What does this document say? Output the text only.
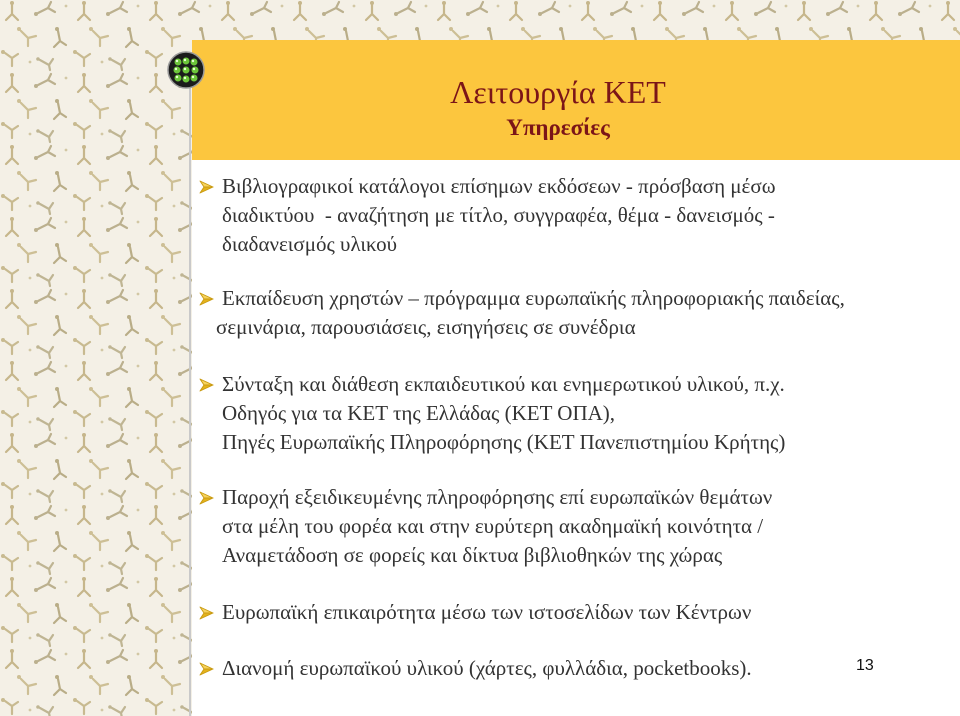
Λειτουργία ΚΕΤ
Υπηρεσίες
Βιβλιογραφικοί κατάλογοι επίσημων εκδόσεων - πρόσβαση μέσω
διαδικτύου  - αναζήτηση με τίτλο, συγγραφέα, θέμα - δανεισμός -
διαδανεισμός υλικού
Εκπαίδευση χρηστών – πρόγραμμα ευρωπαϊκής πληροφοριακής παιδείας,
σεμινάρια, παρουσιάσεις, εισηγήσεις σε συνέδρια
Σύνταξη και διάθεση εκπαιδευτικού και ενημερωτικού υλικού, π.χ.
Οδηγός για τα ΚΕΤ της Ελλάδας (ΚΕΤ ΟΠΑ),
Πηγές Ευρωπαϊκής Πληροφόρησης (ΚΕΤ Πανεπιστημίου Κρήτης)
Παροχή εξειδικευμένης πληροφόρησης επί ευρωπαϊκών θεμάτων
στα μέλη του φορέα και στην ευρύτερη ακαδημαϊκή κοινότητα /
Αναμετάδοση σε φορείς και δίκτυα βιβλιοθηκών της χώρας
Ευρωπαϊκή επικαιρότητα μέσω των ιστοσελίδων των Κέντρων
Διανομή ευρωπαϊκού υλικού (χάρτες, φυλλάδια, pocketbooks).	13
